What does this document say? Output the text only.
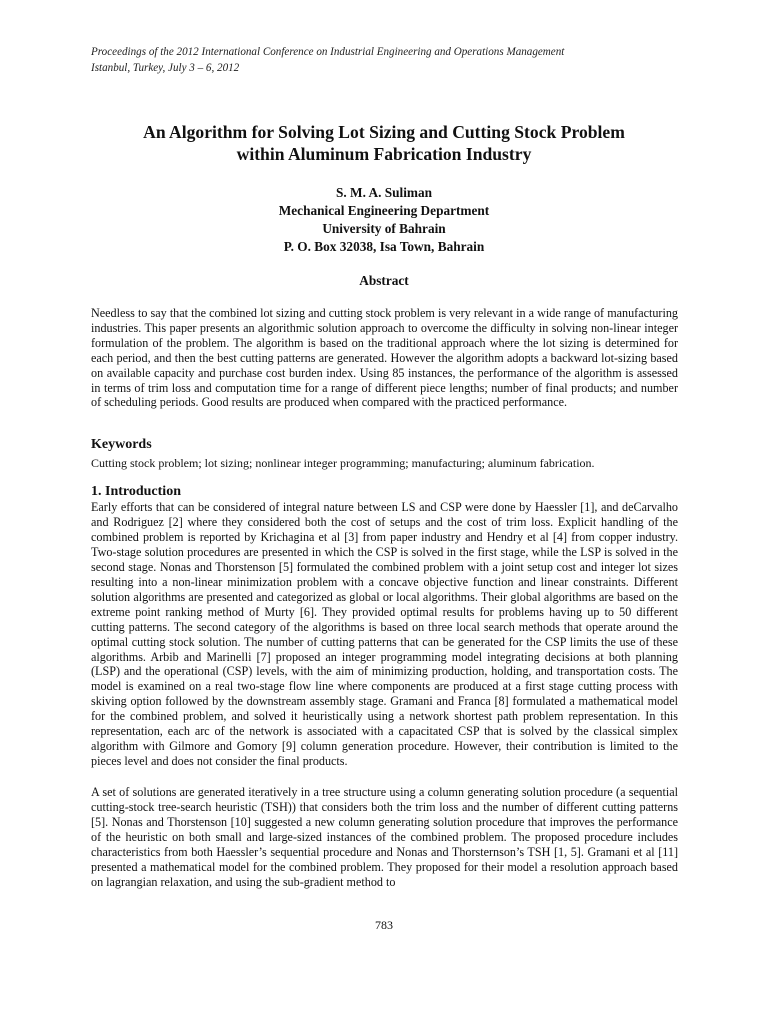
Proceedings of the 2012 International Conference on Industrial Engineering and Operations Management
Istanbul, Turkey, July 3 – 6, 2012
An Algorithm for Solving Lot Sizing and Cutting Stock Problem
within Aluminum Fabrication Industry
S. M. A. Suliman
Mechanical Engineering Department
University of Bahrain
P. O. Box 32038, Isa Town, Bahrain
Abstract
Needless to say that the combined lot sizing and cutting stock problem is very relevant in a wide range of manufacturing industries. This paper presents an algorithmic solution approach to overcome the difficulty in solving non-linear integer formulation of the problem. The algorithm is based on the traditional approach where the lot sizing is determined for each period, and then the best cutting patterns are generated. However the algorithm adopts a backward lot-sizing based on available capacity and purchase cost burden index. Using 85 instances, the performance of the algorithm is assessed in terms of trim loss and computation time for a range of different piece lengths; number of final products; and number of scheduling periods. Good results are produced when compared with the practiced performance.
Keywords
Cutting stock problem; lot sizing; nonlinear integer programming; manufacturing; aluminum fabrication.
1. Introduction
Early efforts that can be considered of integral nature between LS and CSP were done by Haessler [1], and deCarvalho and Rodriguez [2] where they considered both the cost of setups and the cost of trim loss. Explicit handling of the combined problem is reported by Krichagina et al [3] from paper industry and Hendry et al [4] from copper industry. Two-stage solution procedures are presented in which the CSP is solved in the first stage, while the LSP is solved in the second stage. Nonas and Thorstenson [5] formulated the combined problem with a joint setup cost and integer lot sizes resulting into a non-linear minimization problem with a concave objective function and linear constraints. Different solution algorithms are presented and categorized as global or local algorithms. Their global algorithms are based on the extreme point ranking method of Murty [6]. They provided optimal results for problems having up to 50 different cutting patterns. The second category of the algorithms is based on three local search methods that operate around the optimal cutting stock solution. The number of cutting patterns that can be generated for the CSP limits the use of these algorithms. Arbib and Marinelli [7] proposed an integer programming model integrating decisions at both planning (LSP) and the operational (CSP) levels, with the aim of minimizing production, holding, and transportation costs. The model is examined on a real two-stage flow line where components are produced at a first stage cutting process with skiving option followed by the downstream assembly stage. Gramani and Franca [8] formulated a mathematical model for the combined problem, and solved it heuristically using a network shortest path problem representation. In this representation, each arc of the network is associated with a capacitated CSP that is solved by the classical simplex algorithm with Gilmore and Gomory [9] column generation procedure. However, their contribution is limited to the pieces level and does not consider the final products.
A set of solutions are generated iteratively in a tree structure using a column generating solution procedure (a sequential cutting-stock tree-search heuristic (TSH)) that considers both the trim loss and the number of different cutting patterns [5]. Nonas and Thorstenson [10] suggested a new column generating solution procedure that improves the performance of the heuristic on both small and large-sized instances of the combined problem. The proposed procedure includes characteristics from both Haessler’s sequential procedure and Nonas and Thorsternson’s TSH [1, 5]. Gramani et al [11] presented a mathematical model for the combined problem. They proposed for their model a resolution approach based on lagrangian relaxation, and using the sub-gradient method to
783
